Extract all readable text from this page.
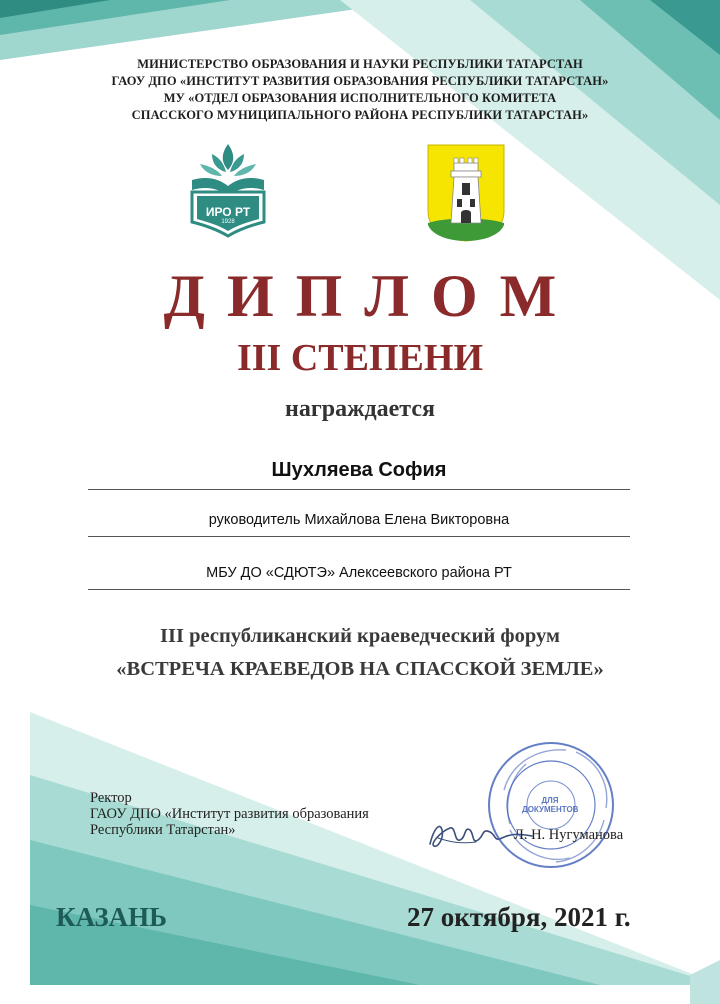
МИНИСТЕРСТВО ОБРАЗОВАНИЯ И НАУКИ РЕСПУБЛИКИ ТАТАРСТАН
ГАОУ ДПО «ИНСТИТУТ РАЗВИТИЯ ОБРАЗОВАНИЯ РЕСПУБЛИКИ ТАТАРСТАН»
МУ «ОТДЕЛ ОБРАЗОВАНИЯ ИСПОЛНИТЕЛЬНОГО КОМИТЕТА
СПАССКОГО МУНИЦИПАЛЬНОГО РАЙОНА РЕСПУБЛИКИ ТАТАРСТАН»
ИРО РТ
1928
ДИПЛОМ
III СТЕПЕНИ
награждается
Шухляева София
руководитель Михайлова Елена Викторовна
МБУ ДО «СДЮТЭ» Алексеевского района РТ
III республиканский краеведческий форум
«ВСТРЕЧА КРАЕВЕДОВ НА СПАССКОЙ ЗЕМЛЕ»
Ректор
ГАОУ ДПО «Институт развития образования
Республики Татарстан»
ДЛЯ ДОКУМЕНТОВ
Л. Н. Нугуманова
КАЗАНЬ	27 октября, 2021 г.
